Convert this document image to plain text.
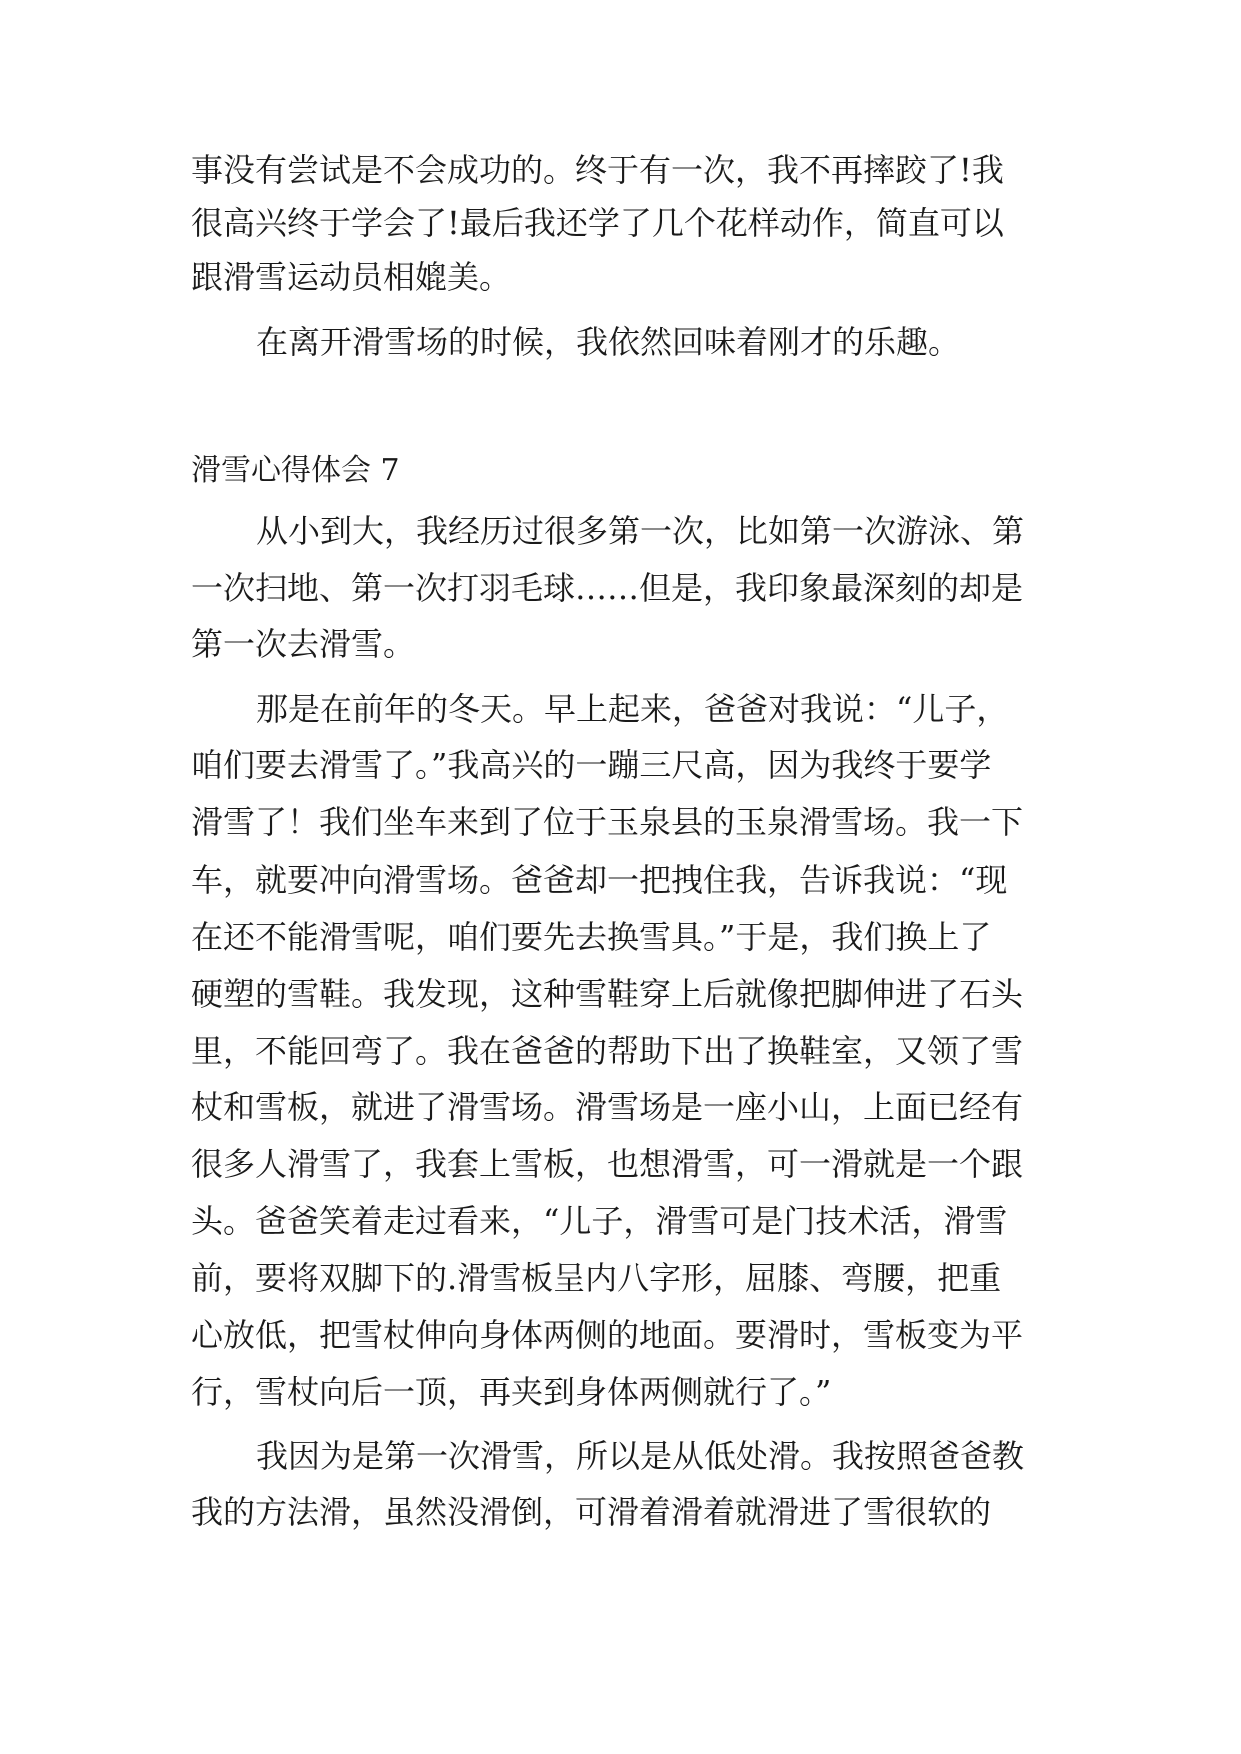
事没有尝试是不会成功的。终于有一次，我不再摔跤了!我
很高兴终于学会了!最后我还学了几个花样动作，简直可以
跟滑雪运动员相媲美。
在离开滑雪场的时候，我依然回味着刚才的乐趣。
滑雪心得体会 7
从小到大，我经历过很多第一次，比如第一次游泳、第
一次扫地、第一次打羽毛球……但是，我印象最深刻的却是
第一次去滑雪。
那是在前年的冬天。早上起来，爸爸对我说：“儿子，
咱们要去滑雪了。”我高兴的一蹦三尺高，因为我终于要学
滑雪了！我们坐车来到了位于玉泉县的玉泉滑雪场。我一下
车，就要冲向滑雪场。爸爸却一把拽住我，告诉我说：“现
在还不能滑雪呢，咱们要先去换雪具。”于是，我们换上了
硬塑的雪鞋。我发现，这种雪鞋穿上后就像把脚伸进了石头
里，不能回弯了。我在爸爸的帮助下出了换鞋室，又领了雪
杖和雪板，就进了滑雪场。滑雪场是一座小山，上面已经有
很多人滑雪了，我套上雪板，也想滑雪，可一滑就是一个跟
头。爸爸笑着走过看来，“儿子，滑雪可是门技术活，滑雪
前，要将双脚下的.滑雪板呈内八字形，屈膝、弯腰，把重
心放低，把雪杖伸向身体两侧的地面。要滑时，雪板变为平
行，雪杖向后一顶，再夹到身体两侧就行了。”
我因为是第一次滑雪，所以是从低处滑。我按照爸爸教
我的方法滑，虽然没滑倒，可滑着滑着就滑进了雪很软的
